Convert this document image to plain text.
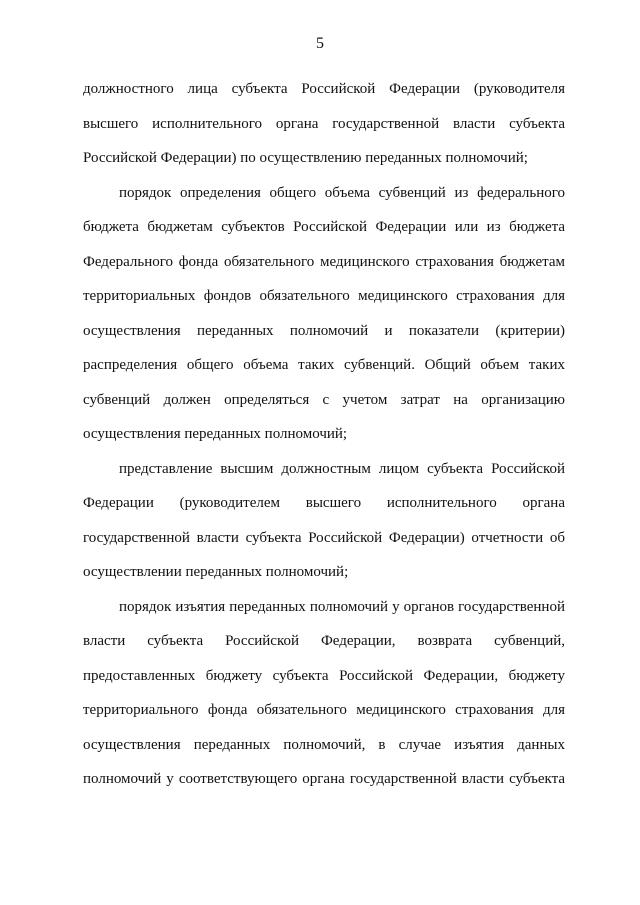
5
должностного лица субъекта Российской Федерации (руководителя
высшего исполнительного органа государственной власти субъекта
Российской Федерации) по осуществлению переданных полномочий;
порядок определения общего объема субвенций из федерального
бюджета бюджетам субъектов Российской Федерации или из бюджета
Федерального фонда обязательного медицинского страхования бюджетам
территориальных фондов обязательного медицинского страхования для
осуществления переданных полномочий и показатели (критерии)
распределения общего объема таких субвенций. Общий объем таких
субвенций должен определяться с учетом затрат на организацию
осуществления переданных полномочий;
представление высшим должностным лицом субъекта Российской
Федерации (руководителем высшего исполнительного органа
государственной власти субъекта Российской Федерации) отчетности об
осуществлении переданных полномочий;
порядок изъятия переданных полномочий у органов государственной
власти субъекта Российской Федерации, возврата субвенций,
предоставленных бюджету субъекта Российской Федерации, бюджету
территориального фонда обязательного медицинского страхования для
осуществления переданных полномочий, в случае изъятия данных
полномочий у соответствующего органа государственной власти субъекта
